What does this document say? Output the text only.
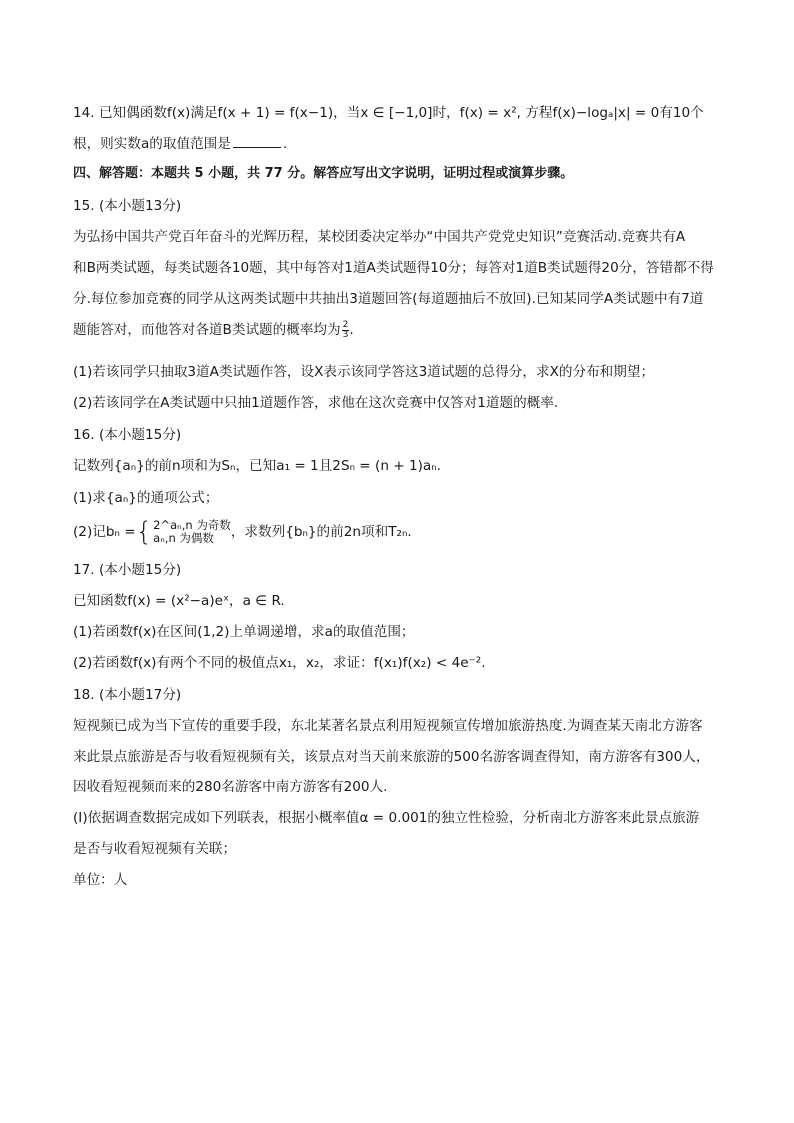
14. 已知偶函数f(x)满足f(x + 1) = f(x−1)，当x ∈ [−1,0]时，f(x) = x², 方程f(x)−logₐ|x| = 0有10个
根，则实数a的取值范围是	.
四、解答题：本题共 5 小题，共 77 分。解答应写出文字说明，证明过程或演算步骤。
15. (本小题13分)
为弘扬中国共产党百年奋斗的光辉历程，某校团委决定举办“中国共产党党史知识”竞赛活动.竞赛共有A
和B两类试题，每类试题各10题，其中每答对1道A类试题得10分；每答对1道B类试题得20分，答错都不得
分.每位参加竞赛的同学从这两类试题中共抽出3道题回答(每道题抽后不放回).已知某同学A类试题中有7道
题能答对，而他答对各道B类试题的概率均为 $\frac{2}{3}$ .
(1)若该同学只抽取3道A类试题作答，设X表示该同学答这3道试题的总得分，求X的分布和期望；
(2)若该同学在A类试题中只抽1道题作答，求他在这次竞赛中仅答对1道题的概率.
16. (本小题15分)
记数列{aₙ}的前n项和为Sₙ，已知a₁ = 1且2Sₙ = (n + 1)aₙ.
(1)求{aₙ}的通项公式；
(2)记bₙ = { 2^aₙ,n 为奇数
aₙ,n 为偶数	，求数列{bₙ}的前2n项和T₂ₙ.
17. (本小题15分)
已知函数f(x) = (x²−a)eˣ，a ∈ R.
(1)若函数f(x)在区间(1,2)上单调递增，求a的取值范围；
(2)若函数f(x)有两个不同的极值点x₁，x₂，求证：f(x₁)f(x₂) < 4e⁻².
18. (本小题17分)
短视频已成为当下宣传的重要手段，东北某著名景点利用短视频宣传增加旅游热度.为调查某天南北方游客
来此景点旅游是否与收看短视频有关，该景点对当天前来旅游的500名游客调查得知，南方游客有300人，
因收看短视频而来的280名游客中南方游客有200人.
(Ⅰ)依据调查数据完成如下列联表，根据小概率值α = 0.001的独立性检验，分析南北方游客来此景点旅游
是否与收看短视频有关联；
单位：人
